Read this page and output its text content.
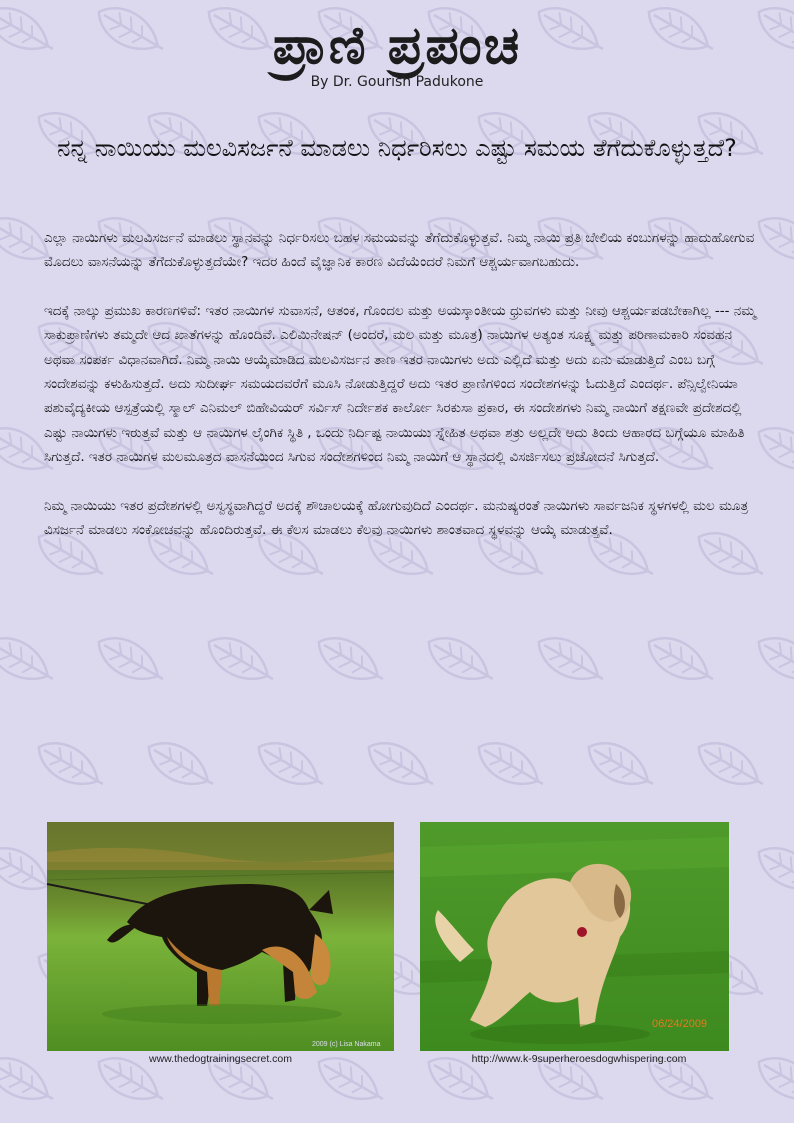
ಪ್ರಾಣಿ ಪ್ರಪಂಚ
By Dr. Gourish Padukone
ನನ್ನ ನಾಯಿಯು ಮಲವಿಸರ್ಜನೆ ಮಾಡಲು ನಿರ್ಧರಿಸಲು ಎಷ್ಟು ಸಮಯ ತೆಗೆದುಕೊಳ್ಳುತ್ತದೆ?

ಎಲ್ಲಾ ನಾಯಿಗಳು ಮಲವಿಸರ್ಜನೆ ಮಾಡಲು ಸ್ಥಾನವನ್ನು ನಿರ್ಧರಿಸಲು ಬಹಳ ಸಮಯವನ್ನು ತೆಗೆದುಕೊಳ್ಳುತ್ತವೆ. ನಿಮ್ಮ ನಾಯಿ ಪ್ರತಿ ಬೇಲಿಯ ಕಂಬುಗಳನ್ನು ಹಾದುಹೋಗುವ ಮೊದಲು ವಾಸನೆಯನ್ನು ತೆಗೆದುಕೊಳ್ಳುತ್ತದೆಯೇ? ಇದರ ಹಿಂದೆ ವೈಜ್ಞಾನಿಕ ಕಾರಣ ವಿದೆಯೆಂದರೆ ನಿಮಗೆ ಆಶ್ಚರ್ಯವಾಗಬಹುದು.

ಇದಕ್ಕೆ ನಾಲ್ಕು ಪ್ರಮುಖ ಕಾರಣಗಳಿವೆ: ಇತರ ನಾಯಿಗಳ ಸುವಾಸನೆ, ಆತಂಕ, ಗೊಂದಲ ಮತ್ತು ಅಯಸ್ಕಾಂತೀಯ ಧ್ರುವಗಳು ಮತ್ತು ನೀವು ಆಶ್ಚರ್ಯಪಡಬೇಕಾಗಿಲ್ಲ --- ನಮ್ಮ ಸಾಕುಪ್ರಾಣಿಗಳು ತಮ್ಮದೇ ಆದ ಖಾತೆಗಳನ್ನು ಹೊಂದಿವೆ. ಎಲಿಮಿನೇಷನ್ (ಅಂದರೆ, ಮಲ ಮತ್ತು ಮೂತ್ರ) ನಾಯಿಗಳ ಅತ್ಯಂತ ಸೂಕ್ಷ್ಮ ಮತ್ತು ಪರಿಣಾಮಕಾರಿ ಸಂವಹನ ಅಥವಾ ಸಂಪರ್ಕ ವಿಧಾನವಾಗಿದೆ. ನಿಮ್ಮ ನಾಯಿ ಆಯ್ಕೆಮಾಡಿದ ಮಲವಿಸರ್ಜನ ತಾಣ ಇತರ ನಾಯಿಗಳು ಅದು ಎಲ್ಲಿದೆ ಮತ್ತು ಅದು ಏನು ಮಾಡುತ್ತಿದೆ ಎಂಬ ಬಗ್ಗೆ ಸಂದೇಶವನ್ನು ಕಳುಹಿಸುತ್ತದೆ. ಅದು ಸುದೀರ್ಘ ಸಮಯದವರೆಗೆ ಮೂಸಿ ನೋಡುತ್ತಿದ್ದರೆ ಅದು ಇತರ ಪ್ರಾಣಿಗಳಿಂದ ಸಂದೇಶಗಳನ್ನು ಓದುತ್ತಿದೆ ಎಂದರ್ಥ. ಪೆನ್ಸಿಲ್ವೇನಿಯಾ ಪಶುವೈದ್ಯಕೀಯ ಆಸ್ಪತ್ರೆಯಲ್ಲಿ ಸ್ಮಾಲ್ ಎನಿಮಲ್ ಬಿಹೇವಿಯರ್ ಸರ್ವಿಸ್ ನಿರ್ದೇಶಕ ಕಾರ್ಲೋ ಸಿರಕುಸಾ ಪ್ರಕಾರ, ಈ ಸಂದೇಶಗಳು ನಿಮ್ಮ ನಾಯಿಗೆ ತಕ್ಷಣವೇ ಪ್ರದೇಶದಲ್ಲಿ ಎಷ್ಟು ನಾಯಿಗಳು ಇರುತ್ತವೆ ಮತ್ತು ಆ ನಾಯಿಗಳ ಲೈಂಗಿಕ ಸ್ಥಿತಿ , ಒಂದು ನಿರ್ದಿಷ್ಟ ನಾಯಿಯು ಸ್ನೇಹಿತ ಅಥವಾ ಶತ್ರು ಅಲ್ಲದೇ ಅದು ತಿಂದು ಆಹಾರದ ಬಗ್ಗೆಯೂ ಮಾಹಿತಿ ಸಿಗುತ್ತದೆ. ಇತರ ನಾಯಿಗಳ ಮಲಮೂತ್ರದ ವಾಸನೆಯಿಂದ ಸಿಗುವ ಸಂದೇಶಗಳಿಂದ ನಿಮ್ಮ ನಾಯಿಗೆ ಆ ಸ್ಥಾನದಲ್ಲಿ ವಿಸರ್ಜಿಸಲು ಪ್ರಚೋದನೆ ಸಿಗುತ್ತದೆ.

ನಿಮ್ಮ ನಾಯಿಯು ಇತರ ಪ್ರದೇಶಗಳಲ್ಲಿ ಅಸ್ವಸ್ಥವಾಗಿದ್ದರೆ ಅದಕ್ಕೆ ಶೌಚಾಲಯಕ್ಕೆ ಹೋಗುವುದಿದೆ ಎಂದರ್ಥ. ಮನುಷ್ಯರಂತೆ ನಾಯಿಗಳು ಸಾರ್ವಜನಿಕ ಸ್ಥಳಗಳಲ್ಲಿ ಮಲ ಮೂತ್ರ ವಿಸರ್ಜನೆ ಮಾಡಲು ಸಂಕೋಚವನ್ನು ಹೊಂದಿರುತ್ತವೆ. ಈ ಕೆಲಸ ಮಾಡಲು ಕೆಲವು ನಾಯಿಗಳು ಶಾಂತವಾದ ಸ್ಥಳವನ್ನು ಆಯ್ಕೆ ಮಾಡುತ್ತವೆ.

2009 (c) Lisa Nakama
06/24/2009
www.thedogtrainingsecret.com	http://www.k-9superheroesdogwhispering.com
